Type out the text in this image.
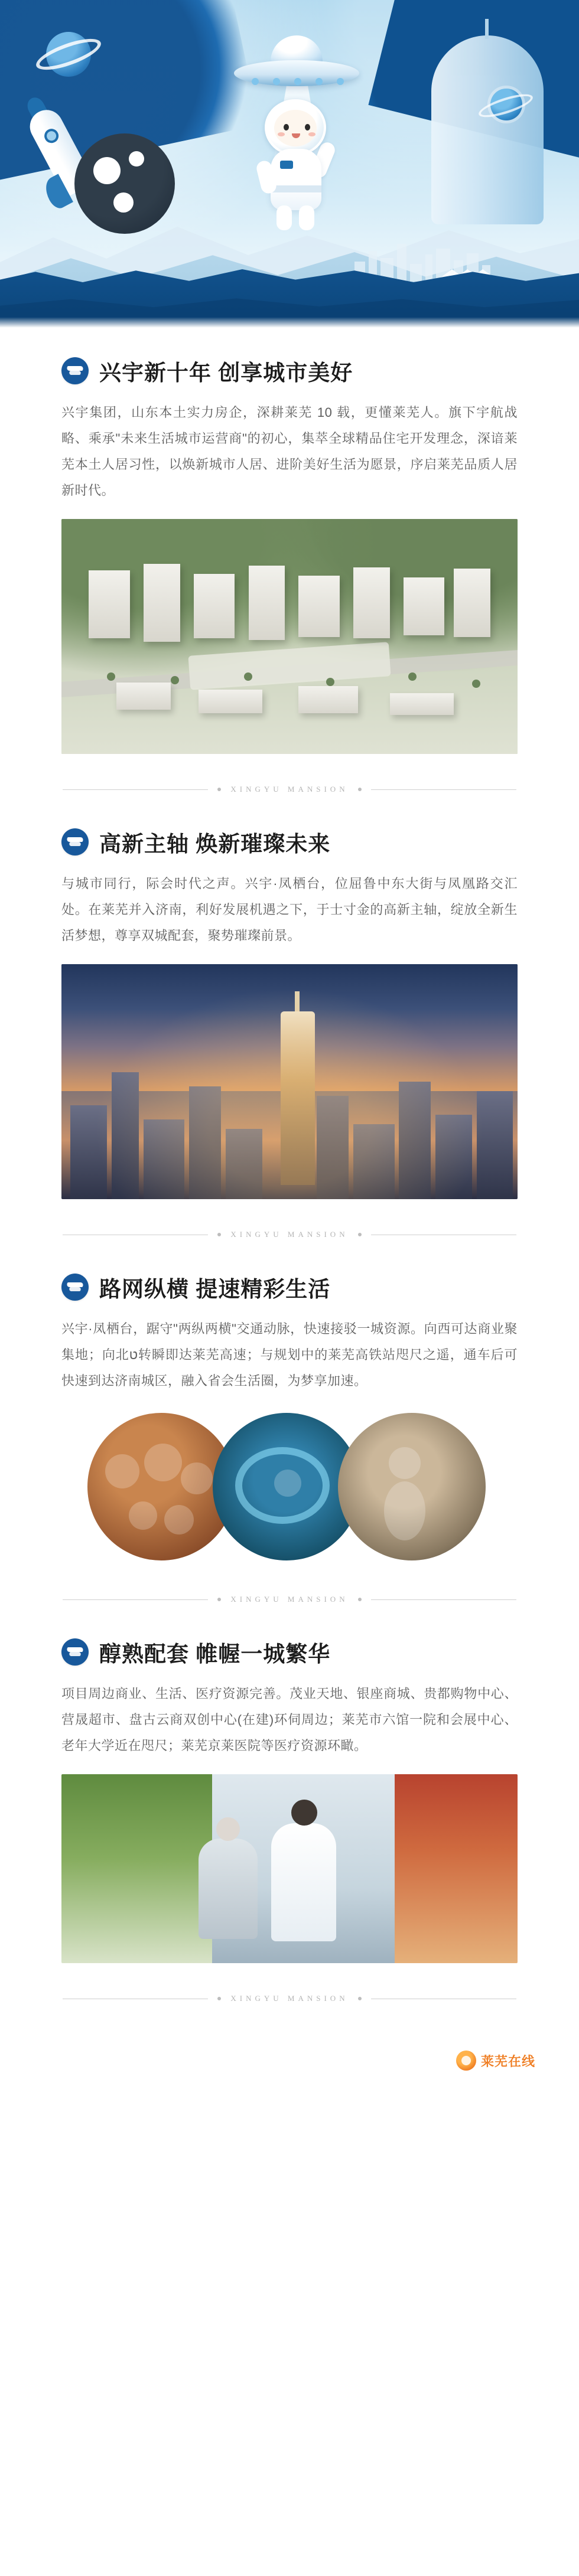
兴宇新十年 创享城市美好
兴宇集团，山东本土实力房企，深耕莱芜 10 载，更懂莱芜人。旗下宇航战略、乘承"未来生活城市运营商"的初心，集萃全球精品住宅开发理念，深谙莱芜本土人居习性，以焕新城市人居、进阶美好生活为愿景，序启莱芜品质人居新时代。
XINGYU MANSION
高新主轴 焕新璀璨未来
与城市同行，际会时代之声。兴宇·凤栖台，位屈鲁中东大街与凤凰路交汇处。在莱芜并入济南，利好发展机遇之下，于士寸金的高新主轴，绽放全新生活梦想，尊享双城配套，聚势璀璨前景。
XINGYU MANSION
路网纵横 提速精彩生活
兴宇·凤栖台，踞守"两纵两横"交通动脉，快速接驳一城资源。向西可达商业聚集地；向北ט转瞬即达莱芜高速；与规划中的莱芜高铁站咫尺之遥，通车后可快速到达济南城区，融入省会生活圈，为梦享加速。
XINGYU MANSION
醇熟配套 帷幄一城繁华
项目周边商业、生活、医疗资源完善。茂业天地、银座商城、贵都购物中心、营晟超市、盘古云商双创中心(在建)环伺周边；莱芜市六馆一院和会展中心、老年大学近在咫尺；莱芜京莱医院等医疗资源环瞰。
XINGYU MANSION
莱芜在线
